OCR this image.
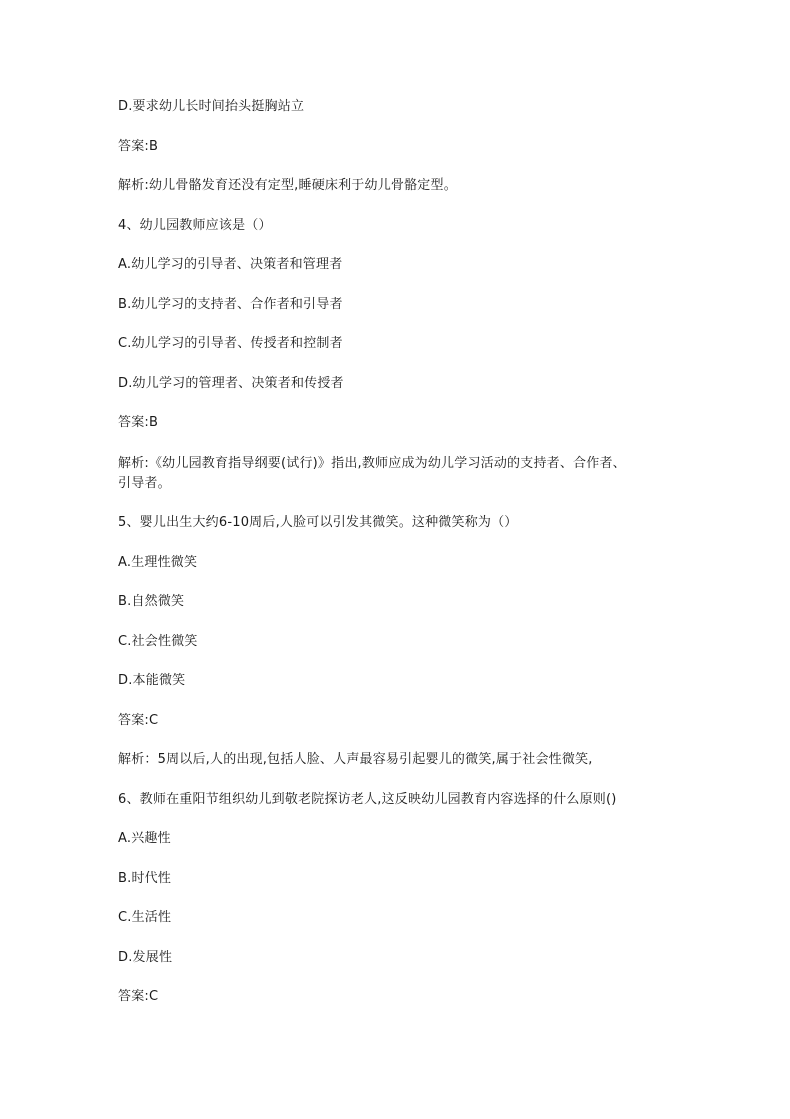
D.要求幼儿长时间抬头挺胸站立
答案:B
解析:幼儿骨骼发育还没有定型,睡硬床利于幼儿骨骼定型。
4、幼儿园教师应该是（）
A.幼儿学习的引导者、决策者和管理者
B.幼儿学习的支持者、合作者和引导者
C.幼儿学习的引导者、传授者和控制者
D.幼儿学习的管理者、决策者和传授者
答案:B
解析:《幼儿园教育指导纲要(试行)》指出,教师应成为幼儿学习活动的支持者、合作者、
引导者。
5、婴儿出生大约6-10周后,人脸可以引发其微笑。这种微笑称为（）
A.生理性微笑
B.自然微笑
C.社会性微笑
D.本能微笑
答案:C
解析：5周以后,人的出现,包括人脸、人声最容易引起婴儿的微笑,属于社会性微笑,
6、教师在重阳节组织幼儿到敬老院探访老人,这反映幼儿园教育内容选择的什么原则()
A.兴趣性
B.时代性
C.生活性
D.发展性
答案:C
